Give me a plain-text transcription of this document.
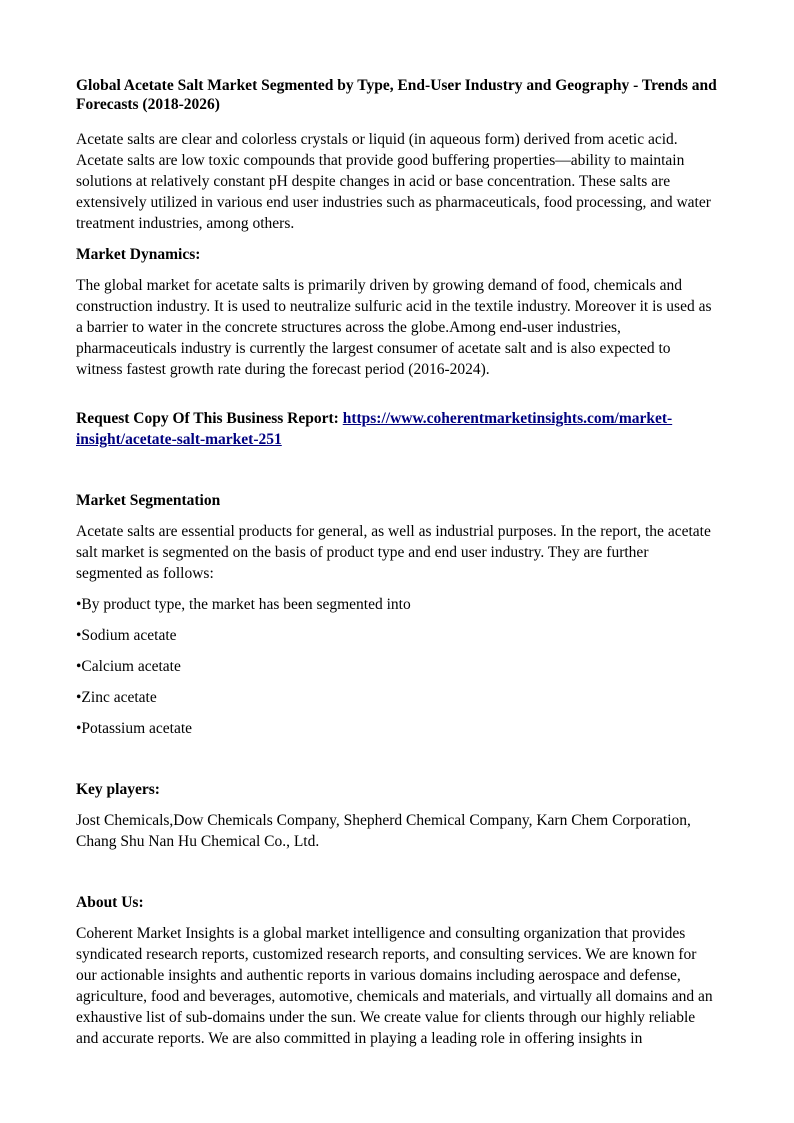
Global Acetate Salt Market Segmented by Type, End-User Industry and Geography - Trends and Forecasts (2018-2026)

Acetate salts are clear and colorless crystals or liquid (in aqueous form) derived from acetic acid. Acetate salts are low toxic compounds that provide good buffering properties—ability to maintain solutions at relatively constant pH despite changes in acid or base concentration. These salts are extensively utilized in various end user industries such as pharmaceuticals, food processing, and water treatment industries, among others.

Market Dynamics:

The global market for acetate salts is primarily driven by growing demand of food, chemicals and construction industry. It is used to neutralize sulfuric acid in the textile industry. Moreover it is used as a barrier to water in the concrete structures across the globe.Among end-user industries, pharmaceuticals industry is currently the largest consumer of acetate salt and is also expected to witness fastest growth rate during the forecast period (2016-2024).

Request Copy Of This Business Report: https://www.coherentmarketinsights.com/market-insight/acetate-salt-market-251
Market Segmentation

Acetate salts are essential products for general, as well as industrial purposes. In the report, the acetate salt market is segmented on the basis of product type and end user industry. They are further segmented as follows:

•By product type, the market has been segmented into

•Sodium acetate

•Calcium acetate

•Zinc acetate

•Potassium acetate

Key players:

Jost Chemicals,Dow Chemicals Company, Shepherd Chemical Company, Karn Chem Corporation, Chang Shu Nan Hu Chemical Co., Ltd.

About Us:

Coherent Market Insights is a global market intelligence and consulting organization that provides syndicated research reports, customized research reports, and consulting services. We are known for our actionable insights and authentic reports in various domains including aerospace and defense, agriculture, food and beverages, automotive, chemicals and materials, and virtually all domains and an exhaustive list of sub-domains under the sun. We create value for clients through our highly reliable and accurate reports. We are also committed in playing a leading role in offering insights in
